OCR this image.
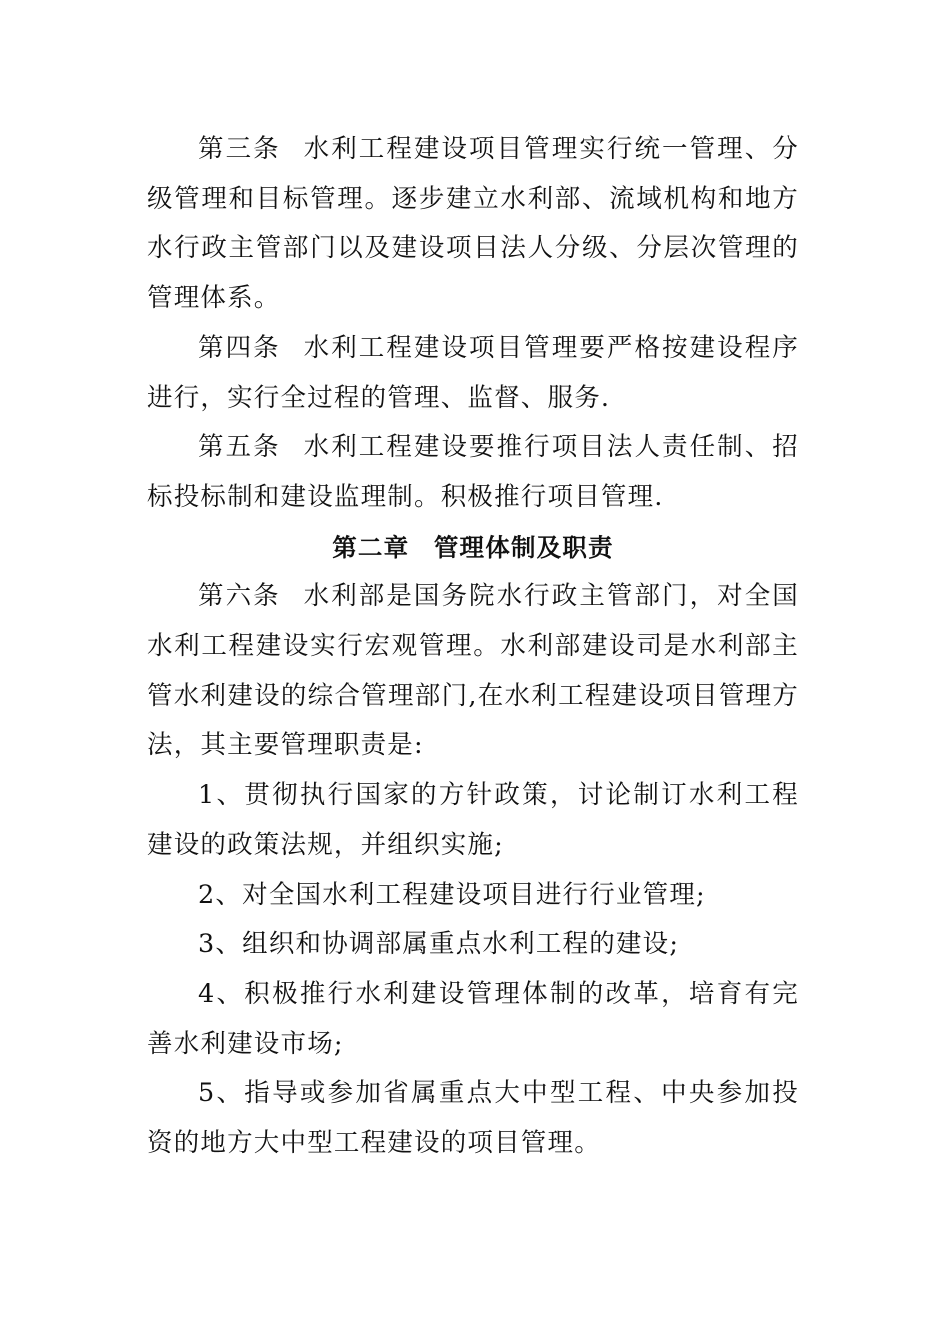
第三条 水利工程建设项目管理实行统一管理、分级管理和目标管理。逐步建立水利部、流域机构和地方水行政主管部门以及建设项目法人分级、分层次管理的管理体系。

第四条 水利工程建设项目管理要严格按建设程序进行，实行全过程的管理、监督、服务.

第五条 水利工程建设要推行项目法人责任制、招标投标制和建设监理制。积极推行项目管理.

第二章 管理体制及职责

第六条 水利部是国务院水行政主管部门，对全国水利工程建设实行宏观管理。水利部建设司是水利部主管水利建设的综合管理部门,在水利工程建设项目管理方法，其主要管理职责是:

1、贯彻执行国家的方针政策，讨论制订水利工程建设的政策法规，并组织实施;

2、对全国水利工程建设项目进行行业管理;

3、组织和协调部属重点水利工程的建设;

4、积极推行水利建设管理体制的改革，培育有完善水利建设市场;

5、指导或参加省属重点大中型工程、中央参加投资的地方大中型工程建设的项目管理。
